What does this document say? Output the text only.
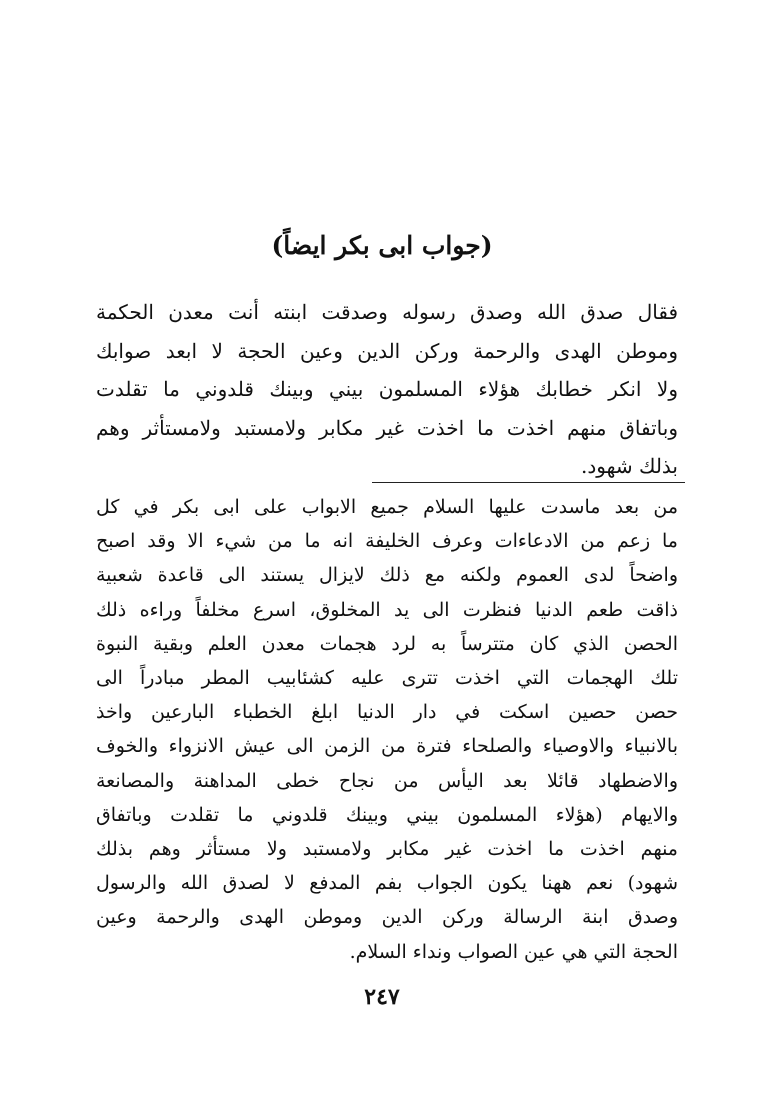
(جواب ابى بكر ايضاً)
فقال صدق الله وصدق رسوله وصدقت ابنته أنت معدن الحكمة
وموطن الهدى والرحمة وركن الدين وعين الحجة لا ابعد صوابك
ولا انكر خطابك هؤلاء المسلمون بيني وبينك قلدوني ما تقلدت
وباتفاق منهم اخذت ما اخذت غير مكابر ولامستبد ولامستأثر وهم
بذلك شهود.
من بعد ماسدت عليها السلام جميع الابواب على ابى بكر في كل
ما زعم من الادعاءات وعرف الخليفة انه ما من شيء الا وقد اصبح
واضحاً لدى العموم ولكنه مع ذلك لايزال يستند الى قاعدة شعبية
ذاقت طعم الدنيا فنظرت الى يد المخلوق، اسرع مخلفاً وراءه ذلك
الحصن الذي كان متترساً به لرد هجمات معدن العلم وبقية النبوة
تلك الهجمات التي اخذت تترى عليه كشئابيب المطر مبادراً الى
حصن حصين اسكت في دار الدنيا ابلغ الخطباء البارعين واخذ
بالانبياء والاوصياء والصلحاء فترة من الزمن الى عيش الانزواء والخوف
والاضطهاد قائلا بعد اليأس من نجاح خطى المداهنة والمصانعة
والايهام (هؤلاء المسلمون بيني وبينك قلدوني ما تقلدت وباتفاق
منهم اخذت ما اخذت غير مكابر ولامستبد ولا مستأثر وهم بذلك
شهود) نعم ههنا يكون الجواب بفم المدفع لا لصدق الله والرسول
وصدق ابنة الرسالة وركن الدين وموطن الهدى والرحمة وعين
الحجة التي هي عين الصواب ونداء السلام.
٢٤٧
